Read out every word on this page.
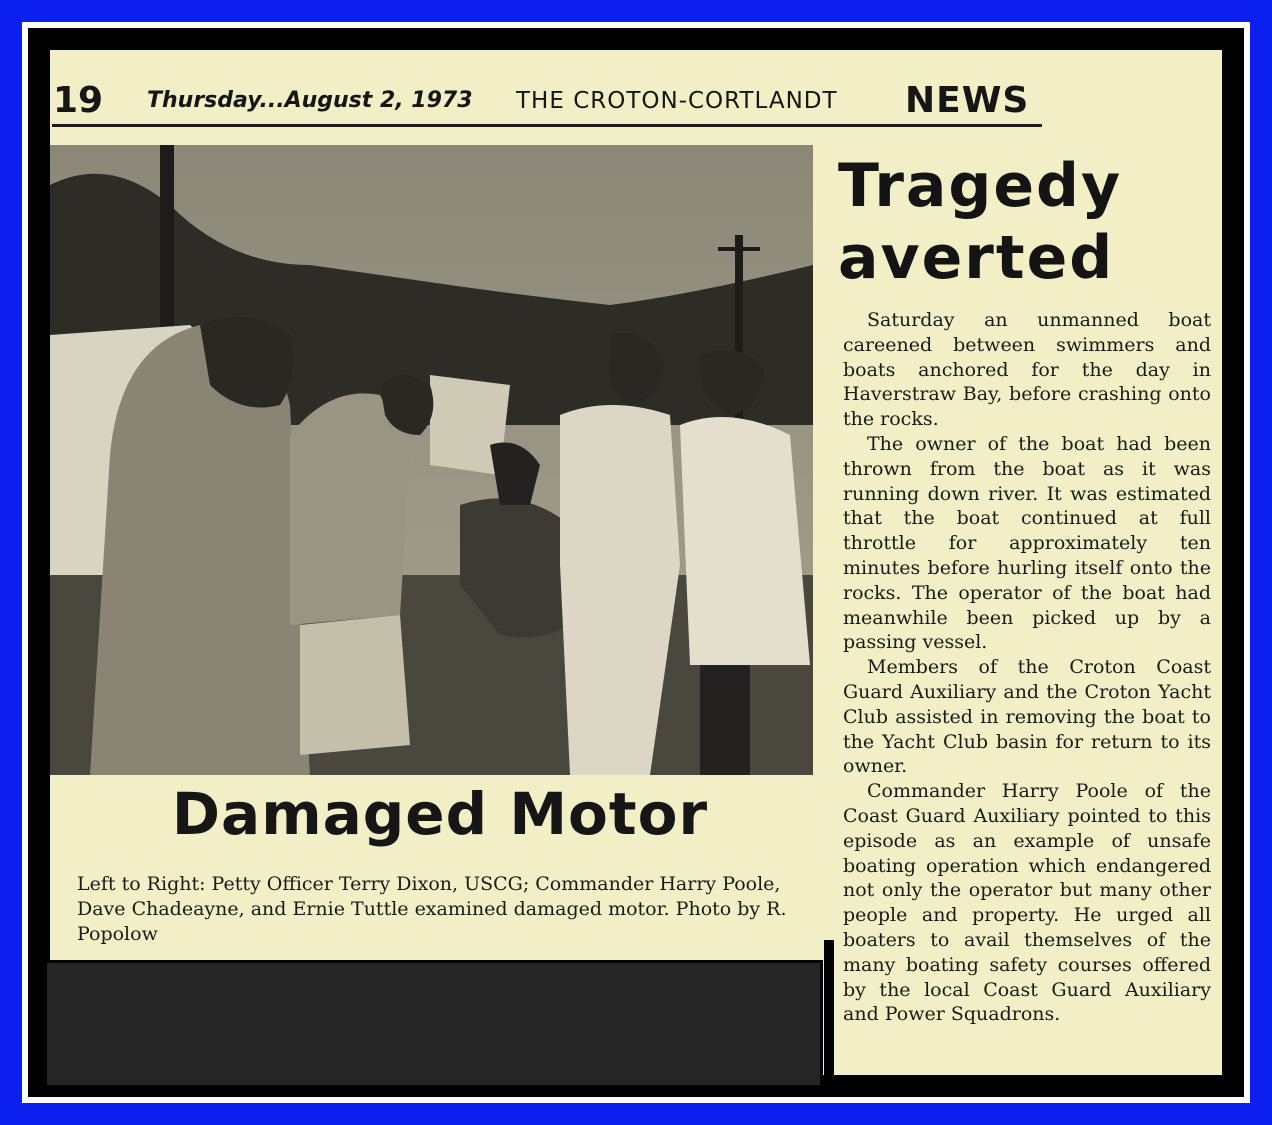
19 Thursday...August 2, 1973 THE CROTON-CORTLANDT NEWS
Damaged Motor
Left to Right: Petty Officer Terry Dixon, USCG; Commander Harry Poole, Dave Chadeayne, and Ernie Tuttle examined damaged motor. Photo by R. Popolow
Tragedy averted

Saturday an unmanned boat careened between swimmers and boats anchored for the day in Haverstraw Bay, before crashing onto the rocks.

The owner of the boat had been thrown from the boat as it was running down river. It was estimated that the boat continued at full throttle for approximately ten minutes before hurling itself onto the rocks. The operator of the boat had meanwhile been picked up by a passing vessel.

Members of the Croton Coast Guard Auxiliary and the Croton Yacht Club assisted in removing the boat to the Yacht Club basin for return to its owner.

Commander Harry Poole of the Coast Guard Auxiliary pointed to this episode as an example of unsafe boating operation which endangered not only the operator but many other people and property. He urged all boaters to avail themselves of the many boating safety courses offered by the local Coast Guard Auxiliary and Power Squadrons.
